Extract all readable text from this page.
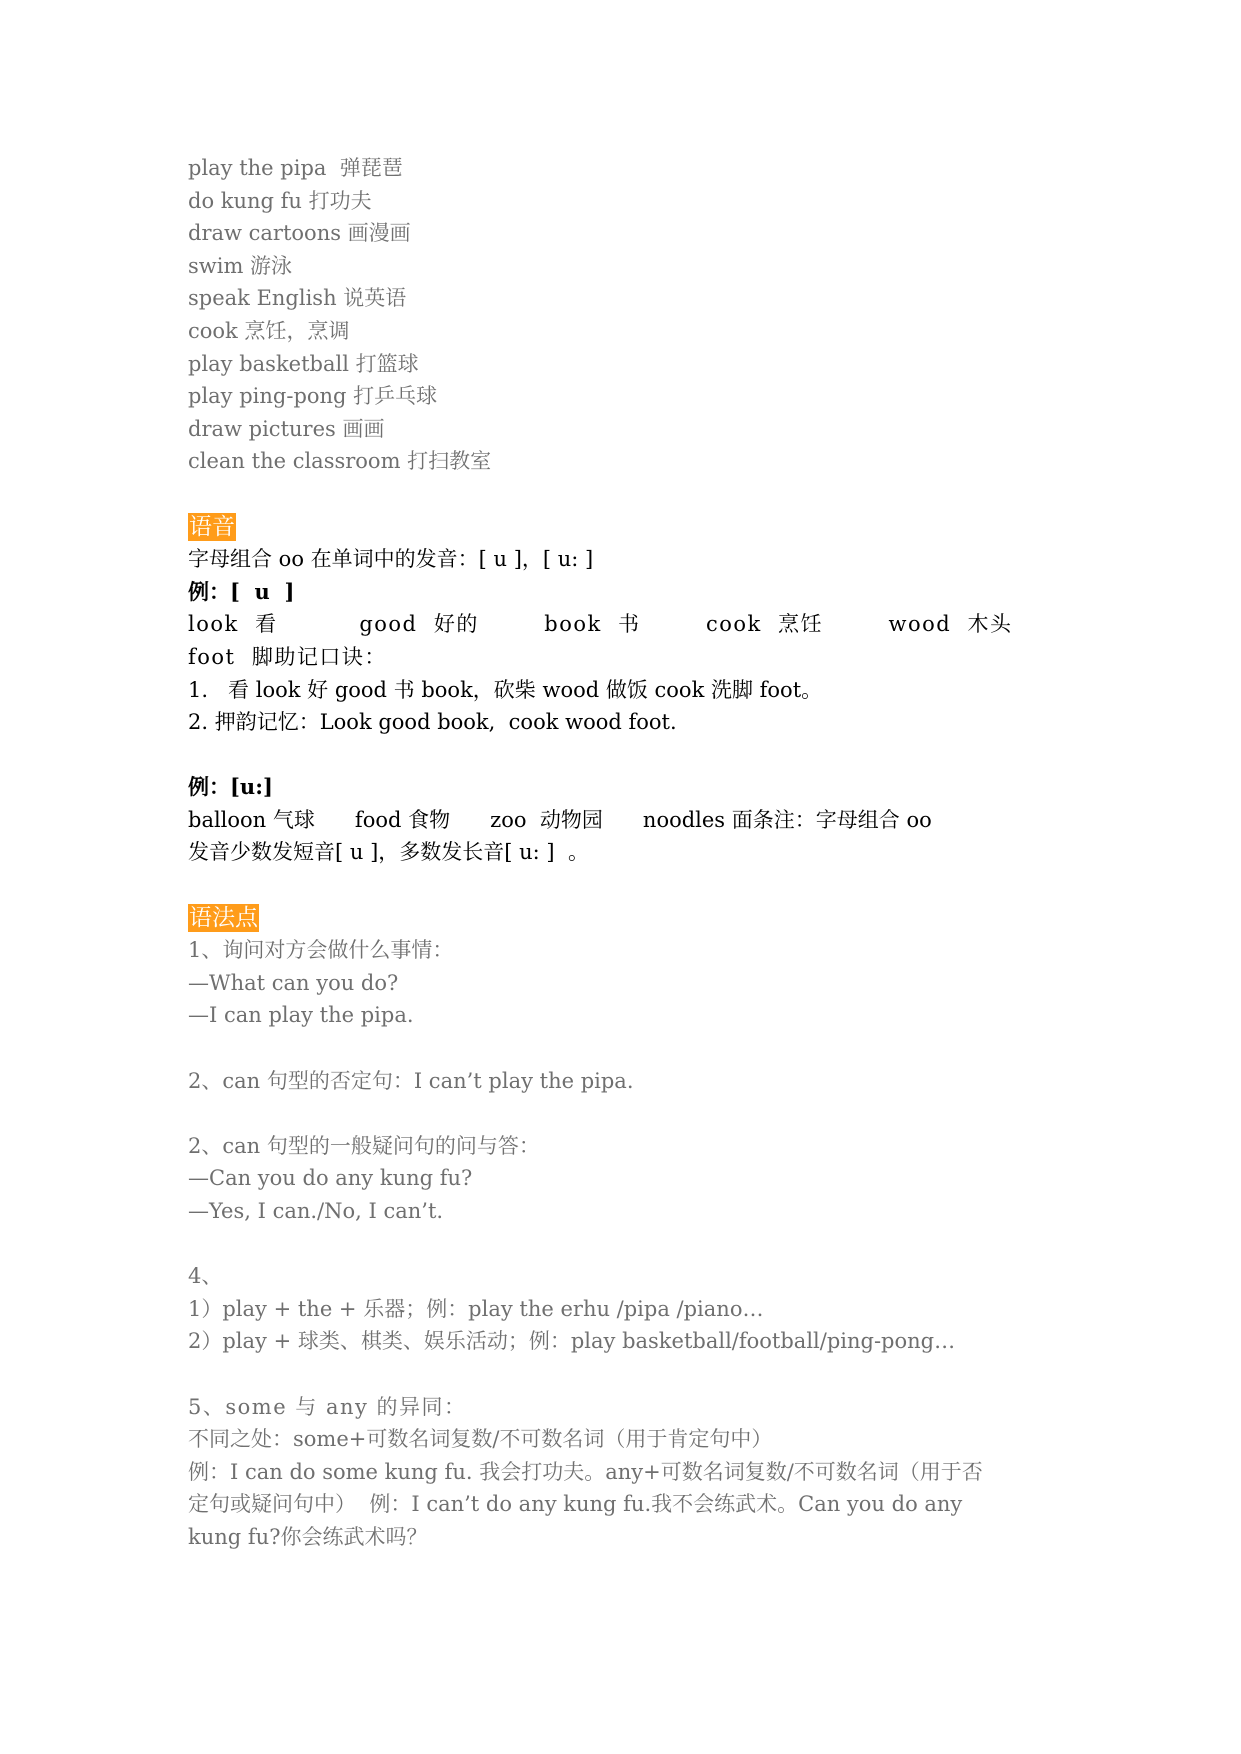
play the pipa  弹琵琶
do kung fu 打功夫
draw cartoons 画漫画
swim 游泳
speak English 说英语
cook 烹饪，烹调
play basketball 打篮球
play ping-pong 打乒乓球
draw pictures 画画
clean the classroom 打扫教室
语音
字母组合 oo 在单词中的发音：[ u ]，[ u: ]
例：[  u  ]
look  看          good  好的        book  书        cook  烹饪        wood  木头
foot  脚助记口诀：
1.   看 look 好 good 书 book，砍柴 wood 做饭 cook 洗脚 foot。
2. 押韵记忆：Look good book,  cook wood foot.
例：[u:]
balloon 气球      food 食物      zoo  动物园      noodles 面条注：字母组合 oo
发音少数发短音[ u ]，多数发长音[ u: ]  。
语法点
1、询问对方会做什么事情：
—What can you do?
—I can play the pipa.
2、can 句型的否定句：I can’t play the pipa.
2、can 句型的一般疑问句的问与答：
—Can you do any kung fu?
—Yes, I can./No, I can’t.
4、
1）play + the + 乐器；例：play the erhu /pipa /piano…
2）play + 球类、棋类、娱乐活动；例：play basketball/football/ping-pong…
5、some 与 any 的异同：
不同之处：some+可数名词复数/不可数名词（用于肯定句中）
例：I can do some kung fu. 我会打功夫。any+可数名词复数/不可数名词（用于否
定句或疑问句中）  例：I can’t do any kung fu.我不会练武术。Can you do any
kung fu?你会练武术吗？
